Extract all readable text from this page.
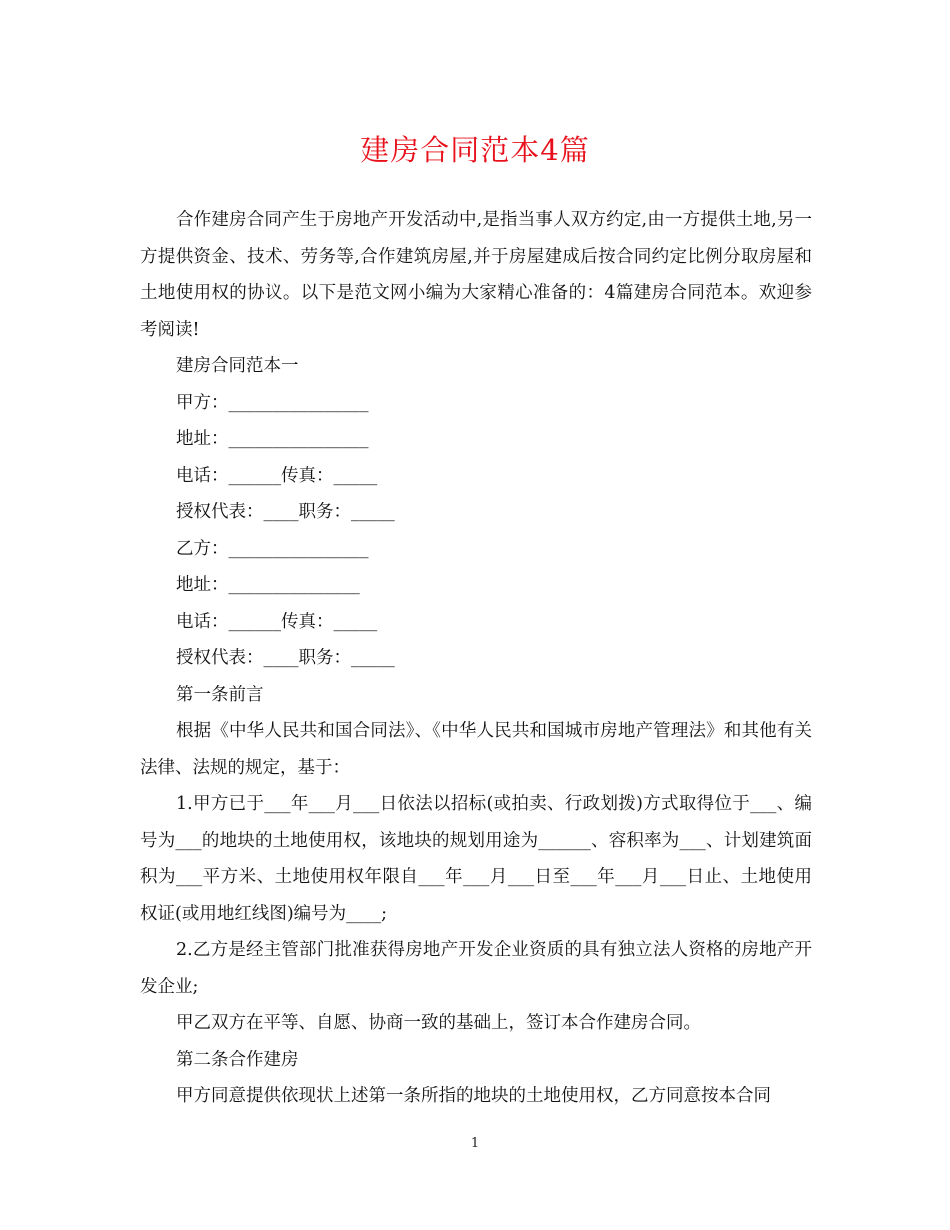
建房合同范本4篇

合作建房合同产生于房地产开发活动中,是指当事人双方约定,由一方提供土地,另一方提供资金、技术、劳务等,合作建筑房屋,并于房屋建成后按合同约定比例分取房屋和土地使用权的协议。以下是范文网小编为大家精心准备的：4篇建房合同范本。欢迎参考阅读!

建房合同范本一

甲方：________________

地址：________________

电话：______传真：_____

授权代表：____职务：_____

乙方：________________

地址：_______________

电话：______传真：_____

授权代表：____职务：_____

第一条前言

根据《中华人民共和国合同法》、《中华人民共和国城市房地产管理法》和其他有关法律、法规的规定，基于：

1.甲方已于___年___月___日依法以招标(或拍卖、行政划拨)方式取得位于___、编号为___的地块的土地使用权，该地块的规划用途为______、容积率为___、计划建筑面积为___平方米、土地使用权年限自___年___月___日至___年___月___日止、土地使用权证(或用地红线图)编号为____;

2.乙方是经主管部门批准获得房地产开发企业资质的具有独立法人资格的房地产开发企业;

甲乙双方在平等、自愿、协商一致的基础上，签订本合作建房合同。

第二条合作建房

甲方同意提供依现状上述第一条所指的地块的土地使用权，乙方同意按本合同

1
